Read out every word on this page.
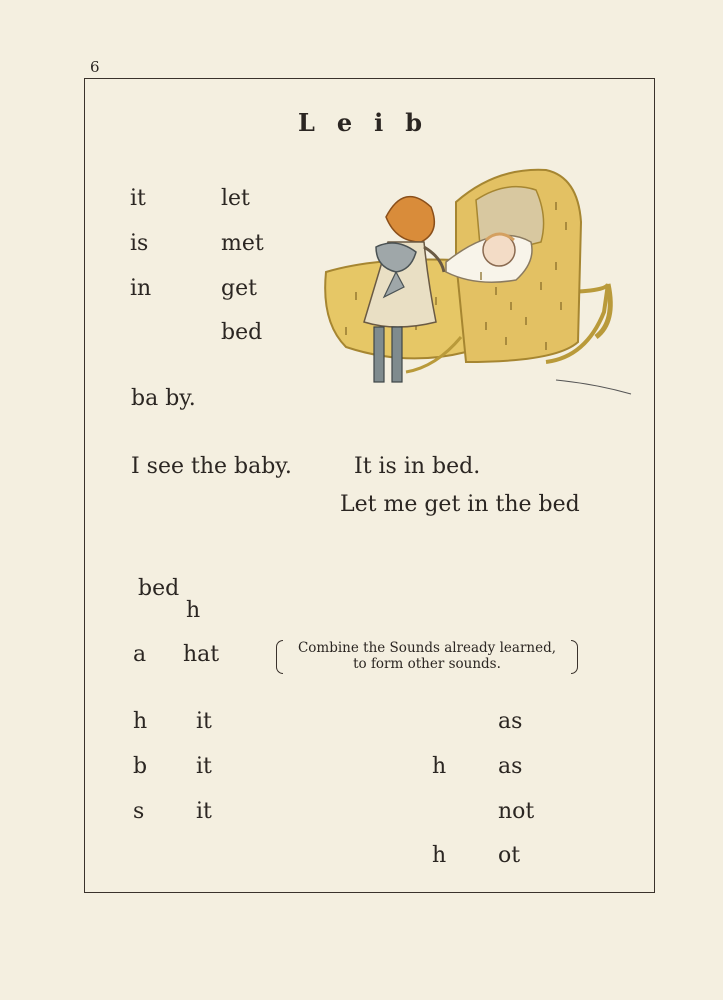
6
L e i b
it
is
in
let
met
get
bed
ba by.
I see the baby.	It is in bed.
Let me get in the bed
bed
h
a hat	Combine the Sounds already learned,
to form other sounds.
h it
b it
s it
as
h as
not
h ot
